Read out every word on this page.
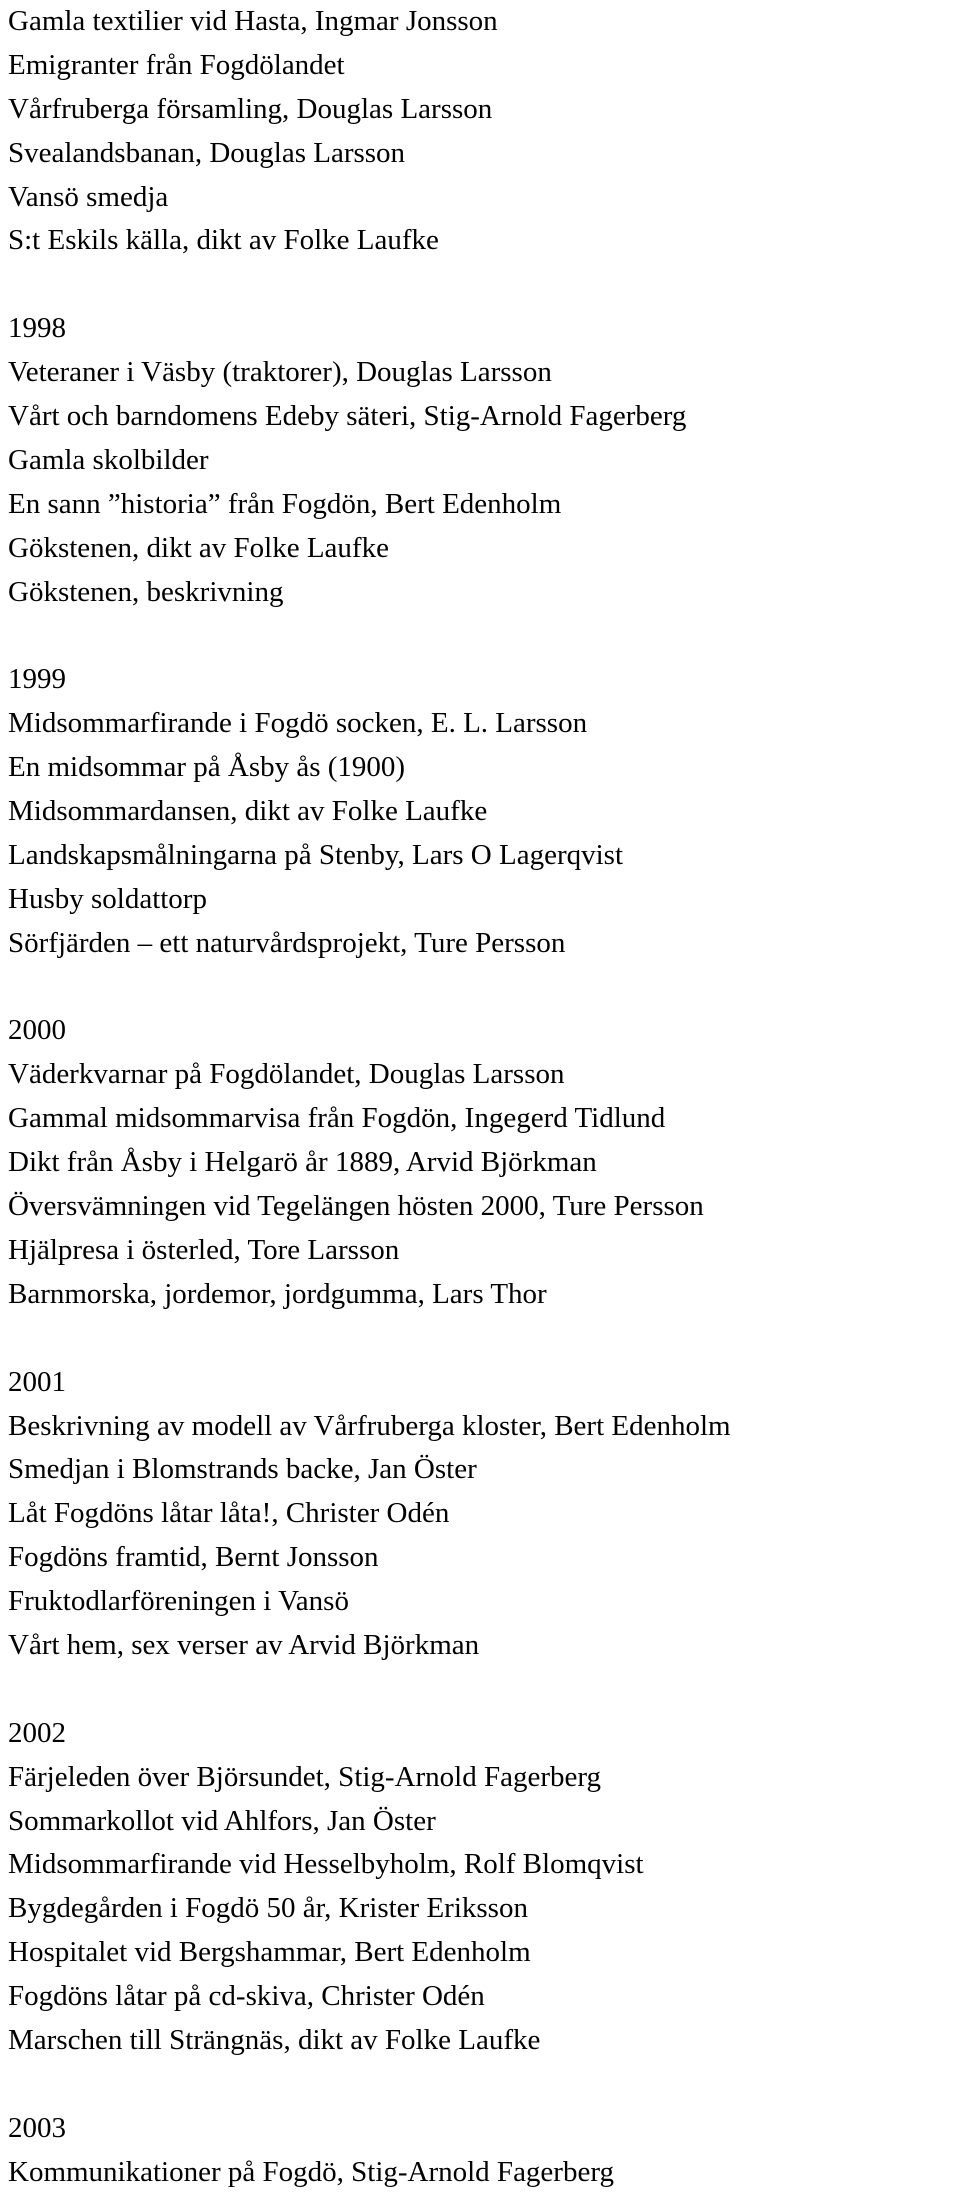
Gamla textilier vid Hasta, Ingmar Jonsson
Emigranter från Fogdölandet
Vårfruberga församling, Douglas Larsson
Svealandsbanan, Douglas Larsson
Vansö smedja
S:t Eskils källa, dikt av Folke Laufke
1998
Veteraner i Väsby (traktorer), Douglas Larsson
Vårt och barndomens Edeby säteri, Stig-Arnold Fagerberg
Gamla skolbilder
En sann ”historia” från Fogdön, Bert Edenholm
Gökstenen, dikt av Folke Laufke
Gökstenen, beskrivning
1999
Midsommarfirande i Fogdö socken, E. L. Larsson
En midsommar på Åsby ås (1900)
Midsommardansen, dikt av Folke Laufke
Landskapsmålningarna på Stenby, Lars O Lagerqvist
Husby soldattorp
Sörfjärden – ett naturvårdsprojekt, Ture Persson
2000
Väderkvarnar på Fogdölandet, Douglas Larsson
Gammal midsommarvisa från Fogdön, Ingegerd Tidlund
Dikt från Åsby i Helgarö år 1889, Arvid Björkman
Översvämningen vid Tegelängen hösten 2000, Ture Persson
Hjälpresa i österled, Tore Larsson
Barnmorska, jordemor, jordgumma, Lars Thor
2001
Beskrivning av modell av Vårfruberga kloster, Bert Edenholm
Smedjan i Blomstrands backe, Jan Öster
Låt Fogdöns låtar låta!, Christer Odén
Fogdöns framtid, Bernt Jonsson
Fruktodlarföreningen i Vansö
Vårt hem, sex verser av Arvid Björkman
2002
Färjeleden över Björsundet, Stig-Arnold Fagerberg
Sommarkollot vid Ahlfors, Jan Öster
Midsommarfirande vid Hesselbyholm, Rolf Blomqvist
Bygdegården i Fogdö 50 år, Krister Eriksson
Hospitalet vid Bergshammar, Bert Edenholm
Fogdöns låtar på cd-skiva, Christer Odén
Marschen till Strängnäs, dikt av Folke Laufke
2003
Kommunikationer på Fogdö, Stig-Arnold Fagerberg
